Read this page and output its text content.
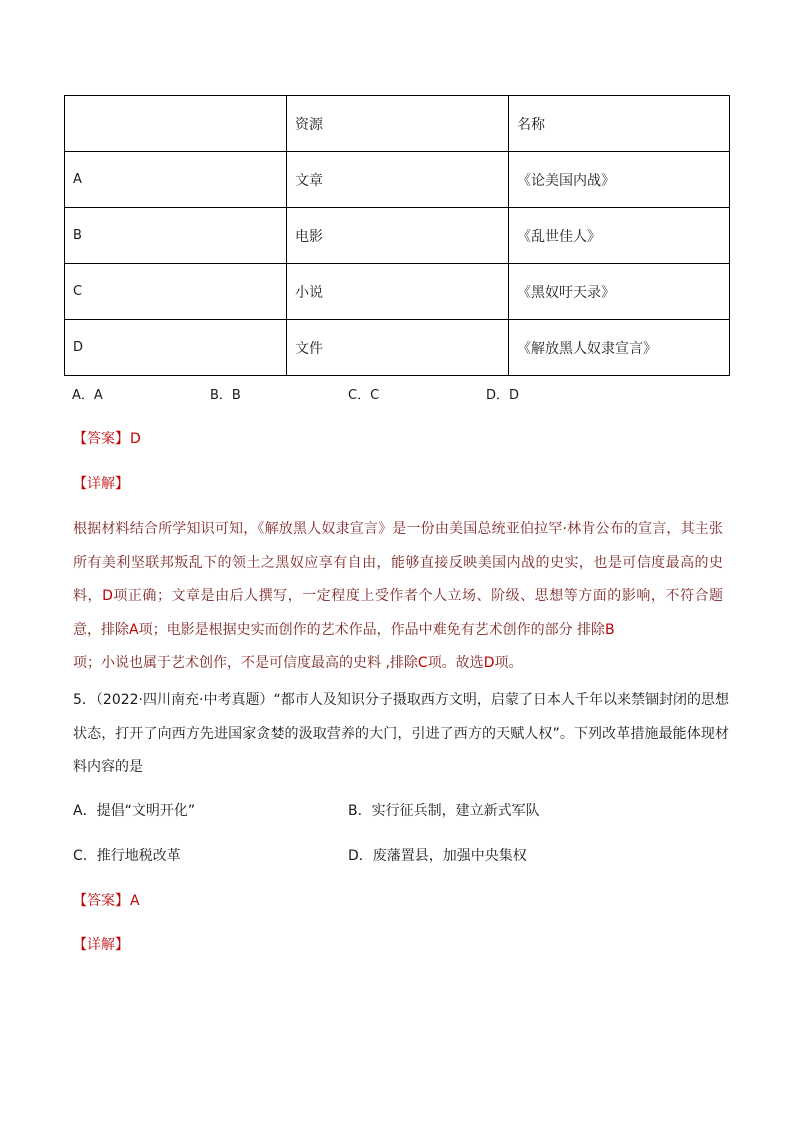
	资源	名称
A	文章	《论美国内战》
B	电影	《乱世佳人》
C	小说	《黑奴吁天录》
D	文件	《解放黑人奴隶宣言》
A．A	B．B	C．C	D．D
【答案】D
【详解】
根据材料结合所学知识可知，《解放黑人奴隶宣言》是一份由美国总统亚伯拉罕·林肯公布的宣言，其主张所有美利坚联邦叛乱下的领土之黑奴应享有自由，能够直接反映美国内战的史实，也是可信度最高的史料，D项正确；文章是由后人撰写，一定程度上受作者个人立场、阶级、思想等方面的影响，不符合题意，排除A项；电影是根据史实而创作的艺术作品，作品中难免有艺术创作的部分 排除B
项；小说也属于艺术创作，不是可信度最高的史料 ,排除C项。故选D项。
5．（2022·四川南充·中考真题）“都市人及知识分子摄取西方文明，启蒙了日本人千年以来禁锢封闭的思想状态，打开了向西方先进国家贪婪的汲取营养的大门，引进了西方的天赋人权”。下列改革措施最能体现材料内容的是
A．提倡“文明开化”	B．实行征兵制，建立新式军队
C．推行地税改革	D．废藩置县，加强中央集权
【答案】A
【详解】
